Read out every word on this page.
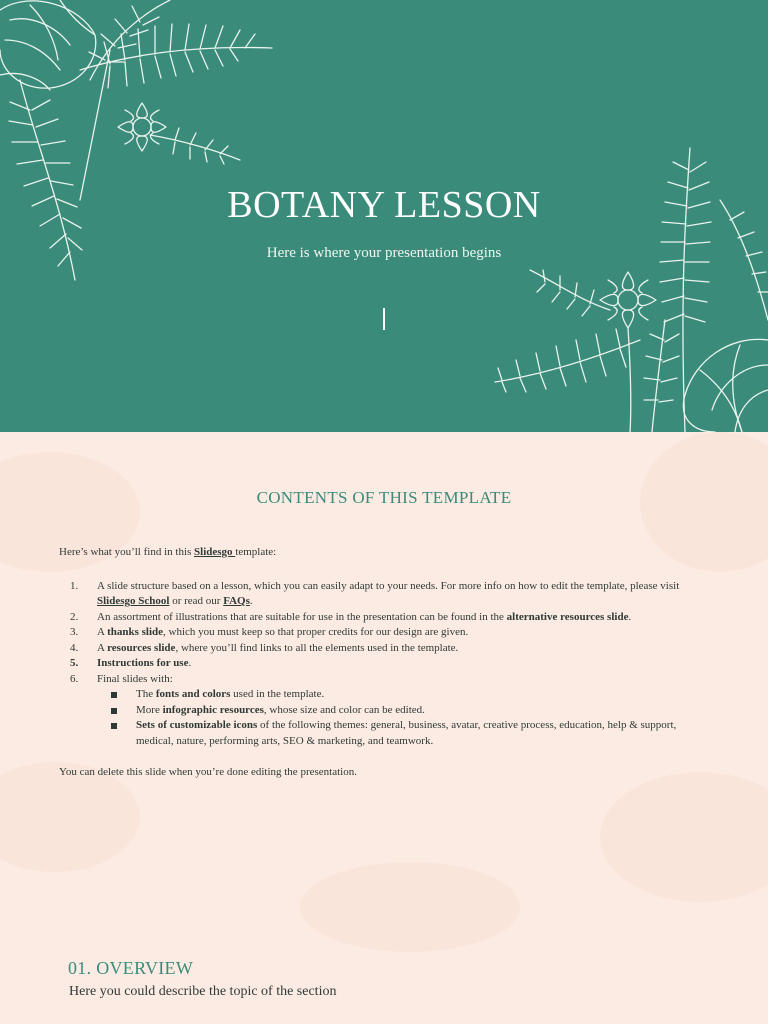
BOTANY LESSON
Here is where your presentation begins
CONTENTS OF THIS TEMPLATE
Here’s what you’ll find in this Slidesgo template:
1. A slide structure based on a lesson, which you can easily adapt to your needs. For more info on how to edit the template, please visit Slidesgo School or read our FAQs.
2. An assortment of illustrations that are suitable for use in the presentation can be found in the alternative resources slide.
3. A thanks slide, which you must keep so that proper credits for our design are given.
4. A resources slide, where you’ll find links to all the elements used in the template.
5. Instructions for use.
6. Final slides with:
The fonts and colors used in the template.
More infographic resources, whose size and color can be edited.
Sets of customizable icons of the following themes: general, business, avatar, creative process, education, help & support, medical, nature, performing arts, SEO & marketing, and teamwork.
You can delete this slide when you’re done editing the presentation.
01. OVERVIEW
Here you could describe the topic of the section
